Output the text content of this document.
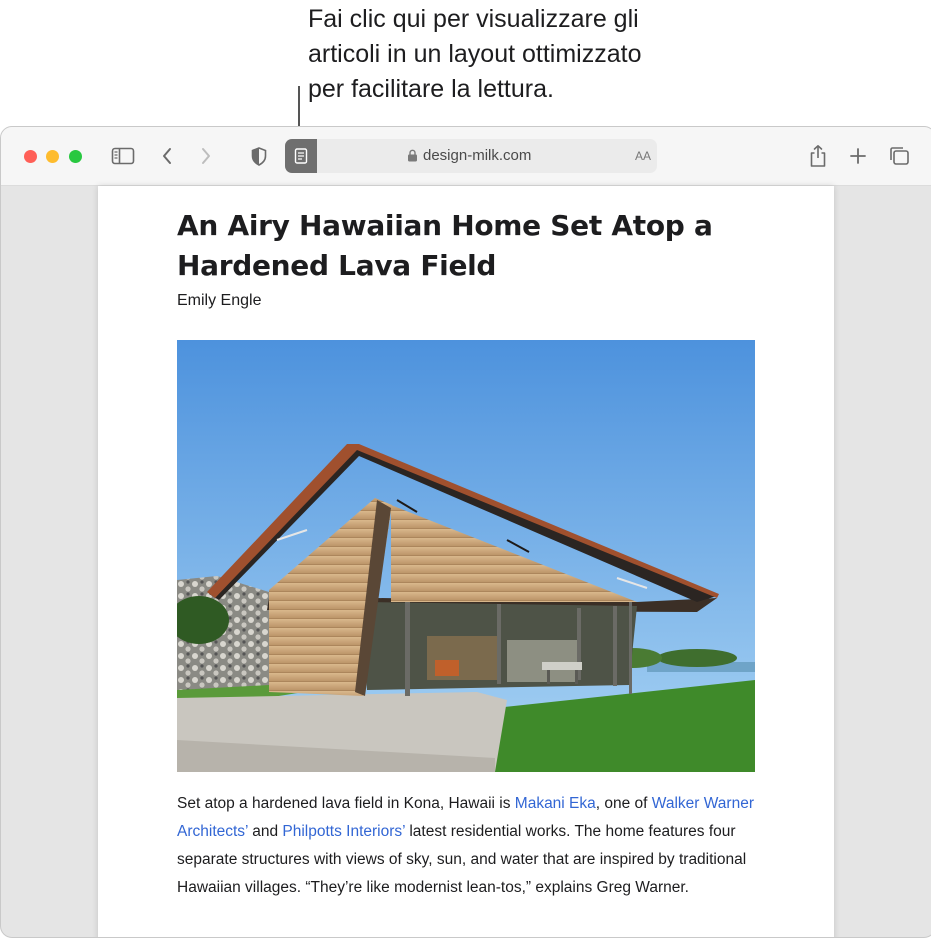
Fai clic qui per visualizzare gli
articoli in un layout ottimizzato
per facilitare la lettura.
design-milk.com	AA
An Airy Hawaiian Home Set Atop a Hardened Lava Field
Emily Engle

Set atop a hardened lava field in Kona, Hawaii is Makani Eka, one of Walker Warner Architects’ and Philpotts Interiors’ latest residential works. The home features four separate structures with views of sky, sun, and water that are inspired by traditional Hawaiian villages. “They’re like modernist lean-tos,” explains Greg Warner.
